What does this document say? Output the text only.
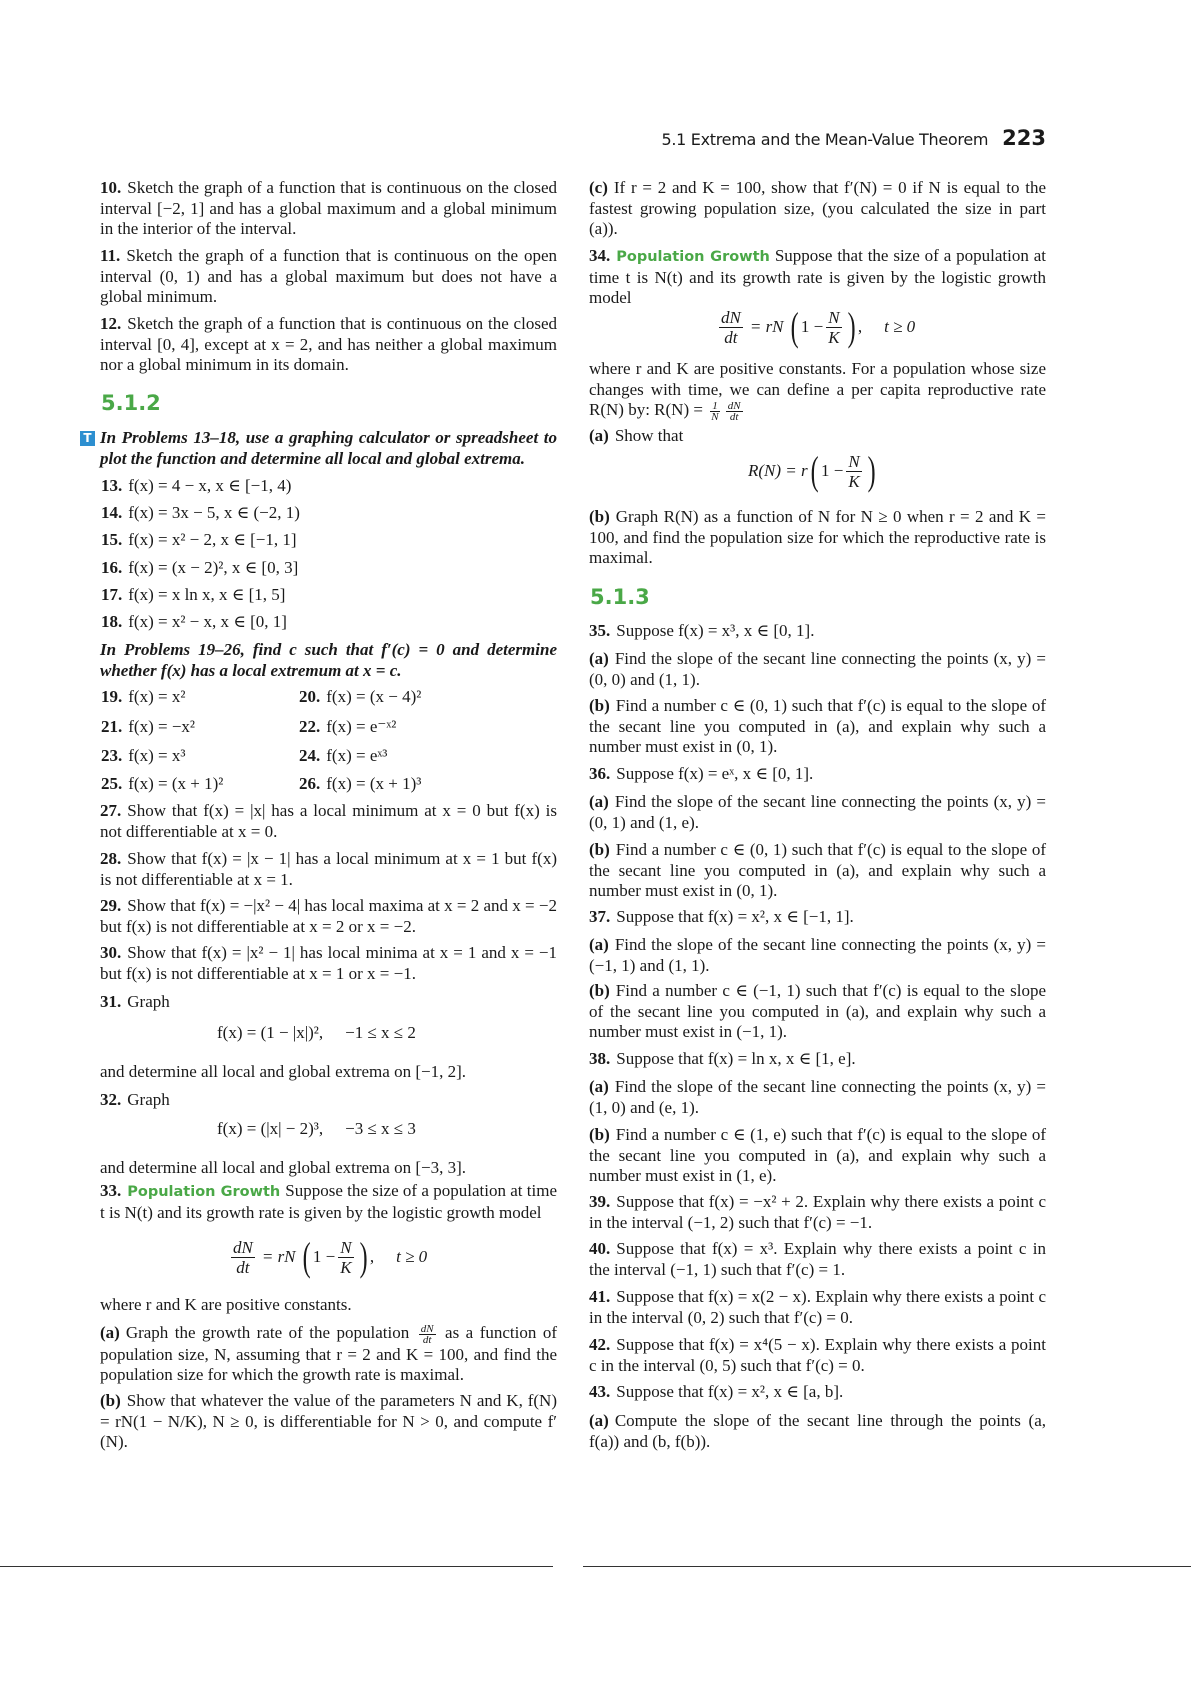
5.1 Extrema and the Mean-Value Theorem 223
10. Sketch the graph of a function that is continuous on the closed interval [−2, 1] and has a global maximum and a global minimum in the interior of the interval.
11. Sketch the graph of a function that is continuous on the open interval (0, 1) and has a global maximum but does not have a global minimum.
12. Sketch the graph of a function that is continuous on the closed interval [0, 4], except at x = 2, and has neither a global maximum nor a global minimum in its domain.
5.1.2
T In Problems 13–18, use a graphing calculator or spreadsheet to plot the function and determine all local and global extrema.
13. f(x) = 4 − x, x ∈ [−1, 4)
14. f(x) = 3x − 5, x ∈ (−2, 1)
15. f(x) = x² − 2, x ∈ [−1, 1]
16. f(x) = (x − 2)², x ∈ [0, 3]
17. f(x) = x ln x, x ∈ [1, 5]
18. f(x) = x² − x, x ∈ [0, 1]
In Problems 19–26, find c such that f′(c) = 0 and determine whether f(x) has a local extremum at x = c.
19. f(x) = x²	20. f(x) = (x − 4)²
21. f(x) = −x²	22. f(x) = e⁻ˣ²
23. f(x) = x³	24. f(x) = eˣ³
25. f(x) = (x + 1)²	26. f(x) = (x + 1)³
27. Show that f(x) = |x| has a local minimum at x = 0 but f(x) is not differentiable at x = 0.
28. Show that f(x) = |x − 1| has a local minimum at x = 1 but f(x) is not differentiable at x = 1.
29. Show that f(x) = −|x² − 4| has local maxima at x = 2 and x = −2 but f(x) is not differentiable at x = 2 or x = −2.
30. Show that f(x) = |x² − 1| has local minima at x = 1 and x = −1 but f(x) is not differentiable at x = 1 or x = −1.
31. Graph
f(x) = (1 − |x|)², −1 ≤ x ≤ 2
and determine all local and global extrema on [−1, 2].
32. Graph
f(x) = (|x| − 2)³, −3 ≤ x ≤ 3
and determine all local and global extrema on [−3, 3].
33. Population Growth Suppose the size of a population at time t is N(t) and its growth rate is given by the logistic growth model
$\frac{dN}{dt}$ = rN ( $1 - \frac{N}{K}$ ) , t ≥ 0
where r and K are positive constants.
(a) Graph the growth rate of the population $\frac{dN}{dt}$ as a function of population size, N, assuming that r = 2 and K = 100, and find the population size for which the growth rate is maximal.
(b) Show that whatever the value of the parameters N and K, f(N) = rN(1 − N/K), N ≥ 0, is differentiable for N > 0, and compute f′(N).
(c) If r = 2 and K = 100, show that f′(N) = 0 if N is equal to the fastest growing population size, (you calculated the size in part (a)).
34. Population Growth Suppose that the size of a population at time t is N(t) and its growth rate is given by the logistic growth model
$\frac{dN}{dt}$ = rN ( $1 - \frac{N}{K}$ ) , t ≥ 0
where r and K are positive constants. For a population whose size changes with time, we can define a per capita reproductive rate R(N) by: $R(N) = \frac{1}{N} \frac{dN}{dt}$
(a) Show that
R(N) = r ( $1 - \frac{N}{K}$ )
(b) Graph R(N) as a function of N for N ≥ 0 when r = 2 and K = 100, and find the population size for which the reproductive rate is maximal.
5.1.3
35. Suppose f(x) = x³, x ∈ [0, 1].
(a) Find the slope of the secant line connecting the points (x, y) = (0, 0) and (1, 1).
(b) Find a number c ∈ (0, 1) such that f′(c) is equal to the slope of the secant line you computed in (a), and explain why such a number must exist in (0, 1).
36. Suppose f(x) = eˣ, x ∈ [0, 1].
(a) Find the slope of the secant line connecting the points (x, y) = (0, 1) and (1, e).
(b) Find a number c ∈ (0, 1) such that f′(c) is equal to the slope of the secant line you computed in (a), and explain why such a number must exist in (0, 1).
37. Suppose that f(x) = x², x ∈ [−1, 1].
(a) Find the slope of the secant line connecting the points (x, y) = (−1, 1) and (1, 1).
(b) Find a number c ∈ (−1, 1) such that f′(c) is equal to the slope of the secant line you computed in (a), and explain why such a number must exist in (−1, 1).
38. Suppose that f(x) = ln x, x ∈ [1, e].
(a) Find the slope of the secant line connecting the points (x, y) = (1, 0) and (e, 1).
(b) Find a number c ∈ (1, e) such that f′(c) is equal to the slope of the secant line you computed in (a), and explain why such a number must exist in (1, e).
39. Suppose that f(x) = −x² + 2. Explain why there exists a point c in the interval (−1, 2) such that f′(c) = −1.
40. Suppose that f(x) = x³. Explain why there exists a point c in the interval (−1, 1) such that f′(c) = 1.
41. Suppose that f(x) = x(2 − x). Explain why there exists a point c in the interval (0, 2) such that f′(c) = 0.
42. Suppose that f(x) = x⁴(5 − x). Explain why there exists a point c in the interval (0, 5) such that f′(c) = 0.
43. Suppose that f(x) = x², x ∈ [a, b].
(a) Compute the slope of the secant line through the points (a, f(a)) and (b, f(b)).
